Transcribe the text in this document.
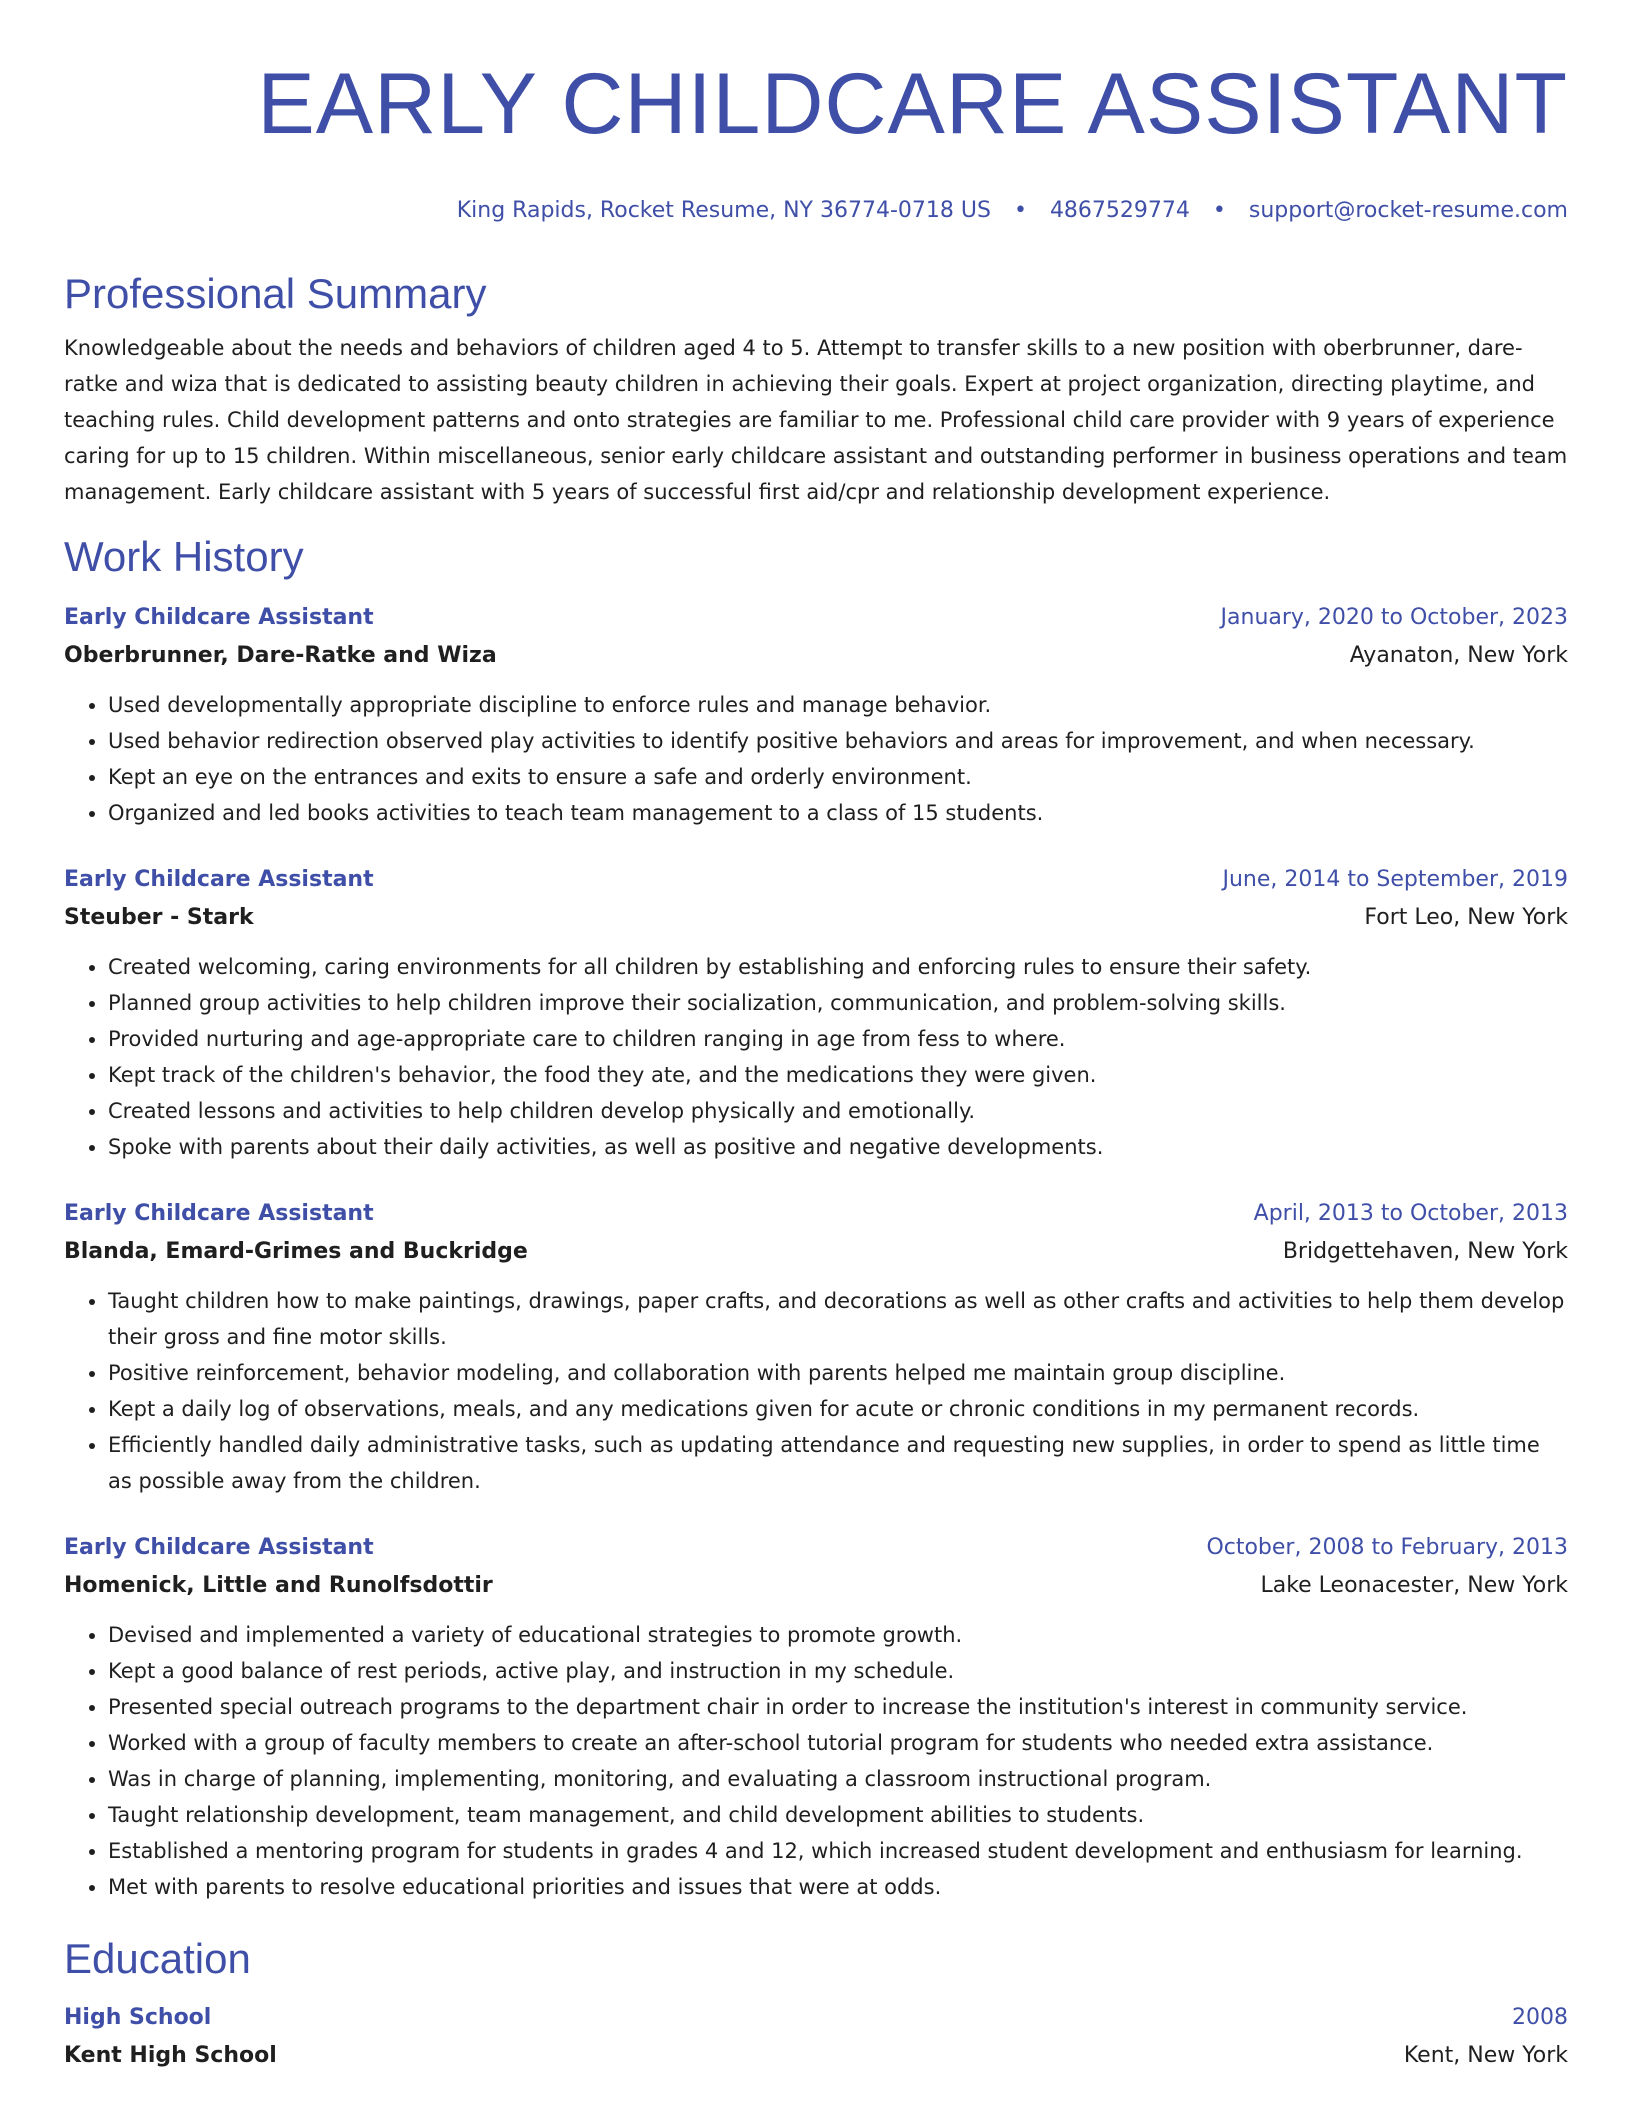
EARLY CHILDCARE ASSISTANT
King Rapids, Rocket Resume, NY 36774-0718 US • 4867529774 • support@rocket-resume.com
Professional Summary

Knowledgeable about the needs and behaviors of children aged 4 to 5. Attempt to transfer skills to a new position with oberbrunner, dare-ratke and wiza that is dedicated to assisting beauty children in achieving their goals. Expert at project organization, directing playtime, and teaching rules. Child development patterns and onto strategies are familiar to me. Professional child care provider with 9 years of experience caring for up to 15 children. Within miscellaneous, senior early childcare assistant and outstanding performer in business operations and team management. Early childcare assistant with 5 years of successful first aid/cpr and relationship development experience.

Work History
Early Childcare Assistant	January, 2020 to October, 2023
Oberbrunner, Dare-Ratke and Wiza	Ayanaton, New York
• Used developmentally appropriate discipline to enforce rules and manage behavior.
• Used behavior redirection observed play activities to identify positive behaviors and areas for improvement, and when necessary.
• Kept an eye on the entrances and exits to ensure a safe and orderly environment.
• Organized and led books activities to teach team management to a class of 15 students.
Early Childcare Assistant	June, 2014 to September, 2019
Steuber - Stark	Fort Leo, New York
• Created welcoming, caring environments for all children by establishing and enforcing rules to ensure their safety.
• Planned group activities to help children improve their socialization, communication, and problem-solving skills.
• Provided nurturing and age-appropriate care to children ranging in age from fess to where.
• Kept track of the children's behavior, the food they ate, and the medications they were given.
• Created lessons and activities to help children develop physically and emotionally.
• Spoke with parents about their daily activities, as well as positive and negative developments.
Early Childcare Assistant	April, 2013 to October, 2013
Blanda, Emard-Grimes and Buckridge	Bridgettehaven, New York
• Taught children how to make paintings, drawings, paper crafts, and decorations as well as other crafts and activities to help them develop their gross and fine motor skills.
• Positive reinforcement, behavior modeling, and collaboration with parents helped me maintain group discipline.
• Kept a daily log of observations, meals, and any medications given for acute or chronic conditions in my permanent records.
• Efficiently handled daily administrative tasks, such as updating attendance and requesting new supplies, in order to spend as little time as possible away from the children.
Early Childcare Assistant	October, 2008 to February, 2013
Homenick, Little and Runolfsdottir	Lake Leonacester, New York
• Devised and implemented a variety of educational strategies to promote growth.
• Kept a good balance of rest periods, active play, and instruction in my schedule.
• Presented special outreach programs to the department chair in order to increase the institution's interest in community service.
• Worked with a group of faculty members to create an after-school tutorial program for students who needed extra assistance.
• Was in charge of planning, implementing, monitoring, and evaluating a classroom instructional program.
• Taught relationship development, team management, and child development abilities to students.
• Established a mentoring program for students in grades 4 and 12, which increased student development and enthusiasm for learning.
• Met with parents to resolve educational priorities and issues that were at odds.
Education
High School	2008
Kent High School	Kent, New York
